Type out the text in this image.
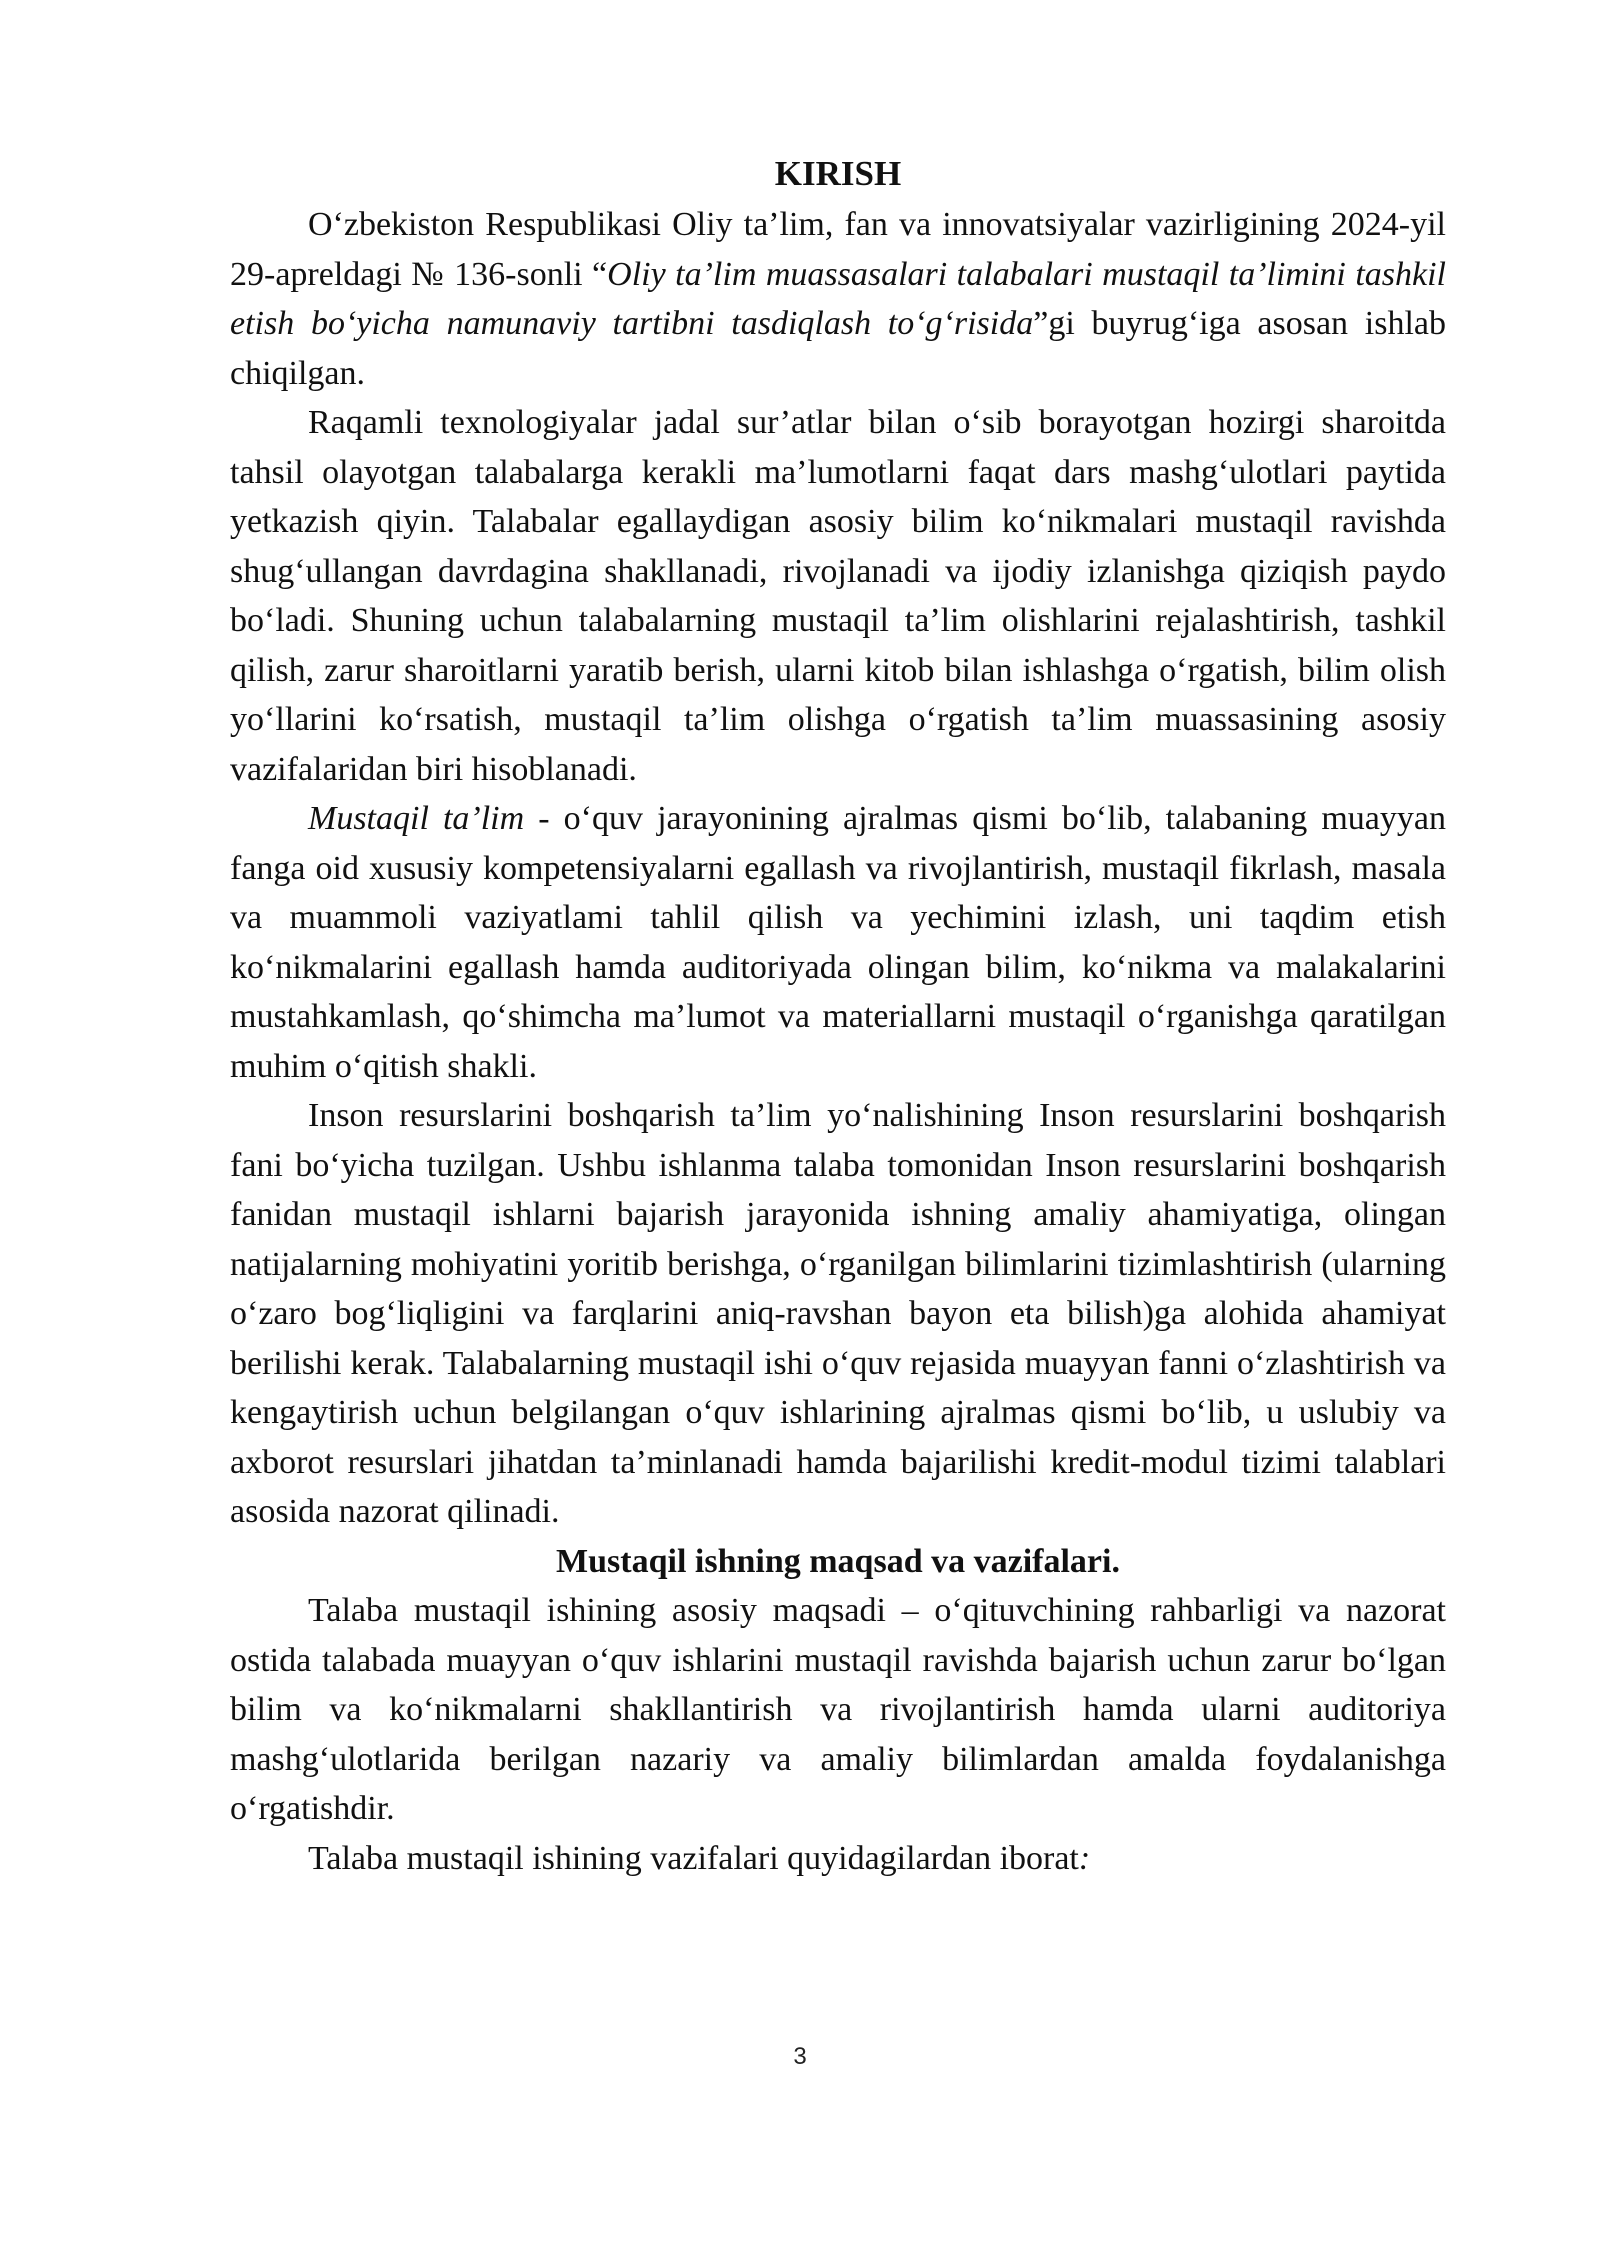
KIRISH

O‘zbekiston Respublikasi Oliy ta’lim, fan va innovatsiyalar vazirligining 2024-yil 29-apreldagi № 136-sonli “Oliy ta’lim muassasalari talabalari mustaqil ta’limini tashkil etish bo‘yicha namunaviy tartibni tasdiqlash to‘g‘risida”gi buyrug‘iga asosan ishlab chiqilgan.

Raqamli texnologiyalar jadal sur’atlar bilan o‘sib borayotgan hozirgi sharoitda tahsil olayotgan talabalarga kerakli ma’lumotlarni faqat dars mashg‘ulotlari paytida yetkazish qiyin. Talabalar egallaydigan asosiy bilim ko‘nikmalari mustaqil ravishda shug‘ullangan davrdagina shakllanadi, rivojlanadi va ijodiy izlanishga qiziqish paydo bo‘ladi. Shuning uchun talabalarning mustaqil ta’lim olishlarini rejalashtirish, tashkil qilish, zarur sharoitlarni yaratib berish, ularni kitob bilan ishlashga o‘rgatish, bilim olish yo‘llarini ko‘rsatish, mustaqil ta’lim olishga o‘rgatish ta’lim muassasining asosiy vazifalaridan biri hisoblanadi.

Mustaqil ta’lim - o‘quv jarayonining ajralmas qismi bo‘lib, talabaning muayyan fanga oid xususiy kompetensiyalarni egallash va rivojlantirish, mustaqil fikrlash, masala va muammoli vaziyatlami tahlil qilish va yechimini izlash, uni taqdim etish ko‘nikmalarini egallash hamda auditoriyada olingan bilim, ko‘nikma va malakalarini mustahkamlash, qo‘shimcha ma’lumot va materiallarni mustaqil o‘rganishga qaratilgan muhim o‘qitish shakli.

Inson resurslarini boshqarish ta’lim yo‘nalishining Inson resurslarini boshqarish fani bo‘yicha tuzilgan. Ushbu ishlanma talaba tomonidan Inson resurslarini boshqarish fanidan mustaqil ishlarni bajarish jarayonida ishning amaliy ahamiyatiga, olingan natijalarning mohiyatini yoritib berishga, o‘rganilgan bilimlarini tizimlashtirish (ularning o‘zaro bog‘liqligini va farqlarini aniq-ravshan bayon eta bilish)ga alohida ahamiyat berilishi kerak. Talabalarning mustaqil ishi o‘quv rejasida muayyan fanni o‘zlashtirish va kengaytirish uchun belgilangan o‘quv ishlarining ajralmas qismi bo‘lib, u uslubiy va axborot resurslari jihatdan ta’minlanadi hamda bajarilishi kredit-modul tizimi talablari asosida nazorat qilinadi.

Mustaqil ishning maqsad va vazifalari.

Talaba mustaqil ishining asosiy maqsadi – o‘qituvchining rahbarligi va nazorat ostida talabada muayyan o‘quv ishlarini mustaqil ravishda bajarish uchun zarur bo‘lgan bilim va ko‘nikmalarni shakllantirish va rivojlantirish hamda ularni auditoriya mashg‘ulotlarida berilgan nazariy va amaliy bilimlardan amalda foydalanishga o‘rgatishdir.

Talaba mustaqil ishining vazifalari quyidagilardan iborat:

3
